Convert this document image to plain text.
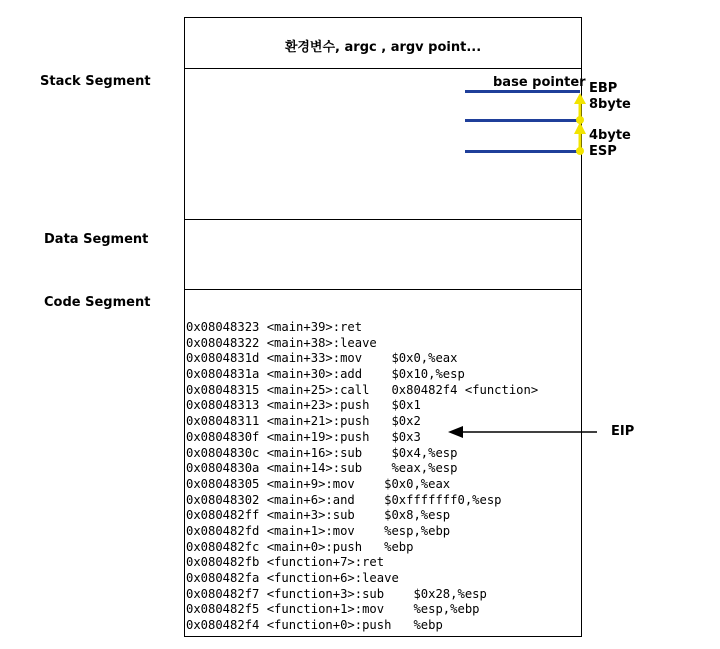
환경변수, argc , argv point...
Stack Segment	base pointer EBP
8byte
4byte
ESP
Data Segment
Code Segment
0x08048323 <main+39>:ret
0x08048322 <main+38>:leave
0x0804831d <main+33>:mov    $0x0,%eax
0x0804831a <main+30>:add    $0x10,%esp
0x08048315 <main+25>:call   0x80482f4 <function>
0x08048313 <main+23>:push   $0x1
0x08048311 <main+21>:push   $0x2
0x0804830f <main+19>:push   $0x3
0x0804830c <main+16>:sub    $0x4,%esp
0x0804830a <main+14>:sub    %eax,%esp
0x08048305 <main+9>:mov    $0x0,%eax
0x08048302 <main+6>:and    $0xfffffff0,%esp
0x080482ff <main+3>:sub    $0x8,%esp
0x080482fd <main+1>:mov    %esp,%ebp
0x080482fc <main+0>:push   %ebp
0x080482fb <function+7>:ret
0x080482fa <function+6>:leave
0x080482f7 <function+3>:sub    $0x28,%esp
0x080482f5 <function+1>:mov    %esp,%ebp
0x080482f4 <function+0>:push   %ebp
EIP
